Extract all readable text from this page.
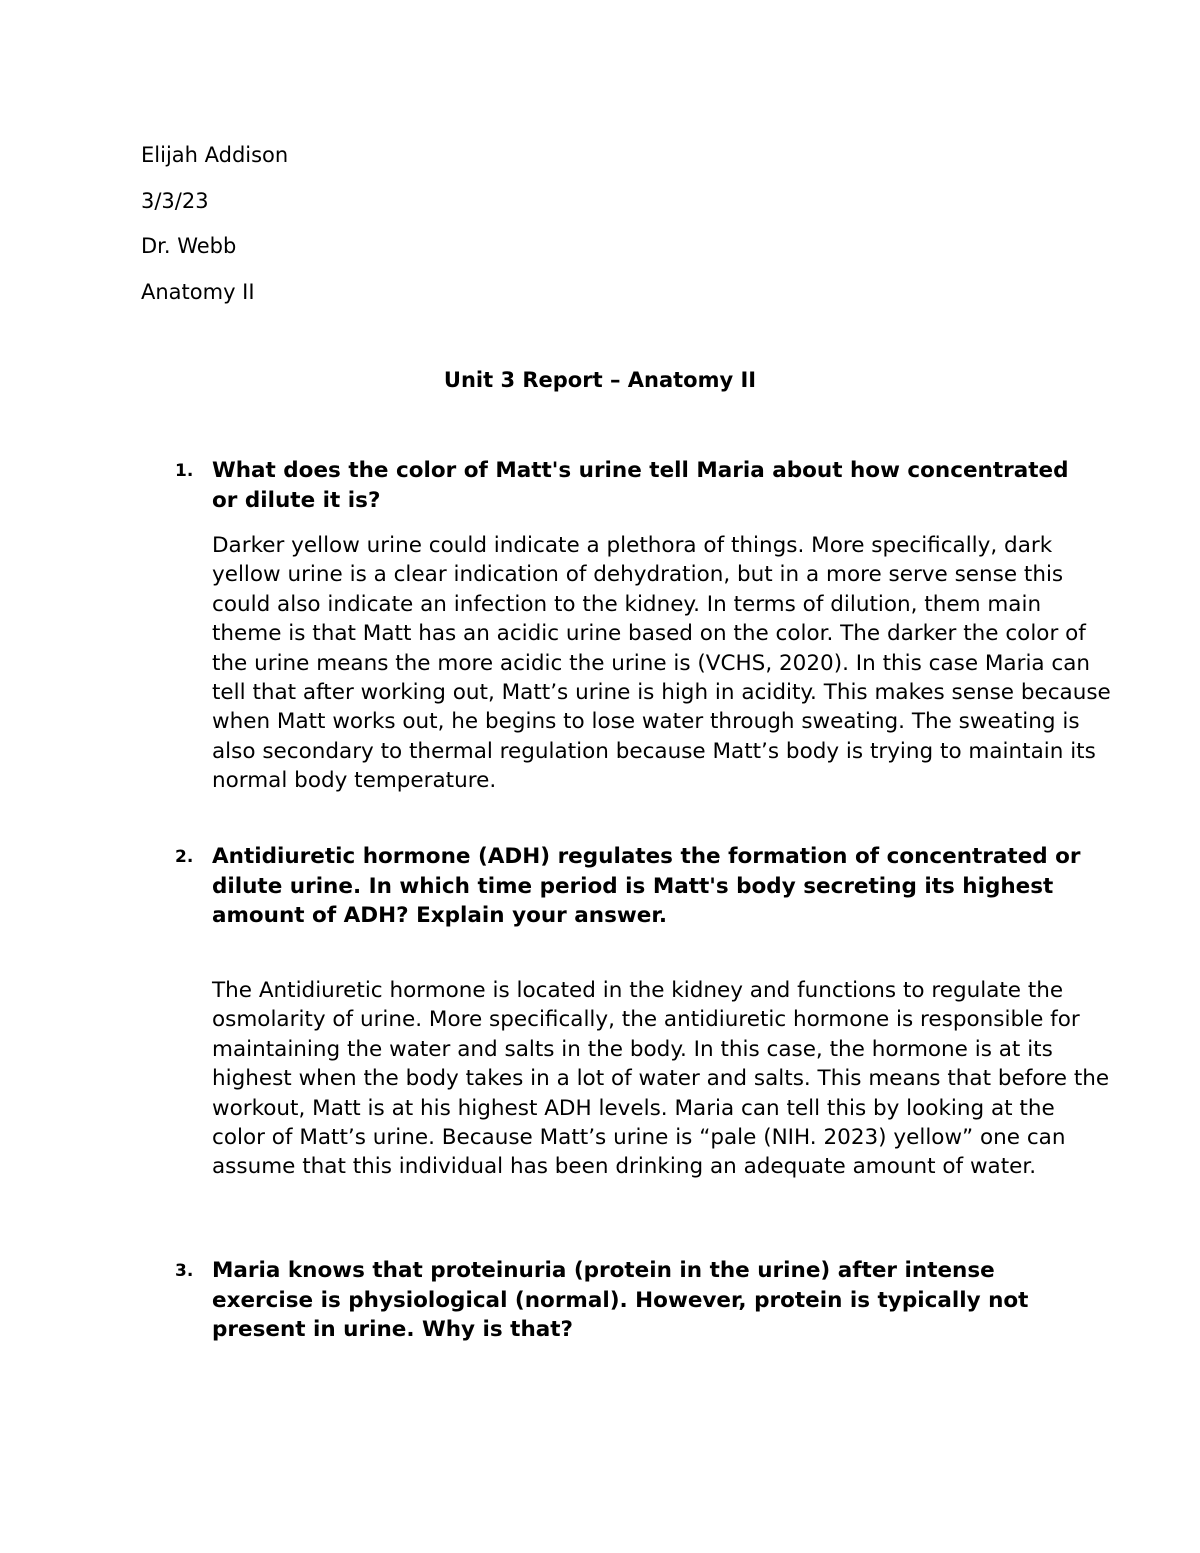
Elijah Addison
3/3/23
Dr. Webb
Anatomy II
Unit 3 Report – Anatomy II
1. What does the color of Matt's urine tell Maria about how concentrated or dilute it is?
Darker yellow urine could indicate a plethora of things. More specifically, dark yellow urine is a clear indication of dehydration, but in a more serve sense this could also indicate an infection to the kidney. In terms of dilution, them main theme is that Matt has an acidic urine based on the color. The darker the color of the urine means the more acidic the urine is (VCHS, 2020). In this case Maria can tell that after working out, Matt’s urine is high in acidity. This makes sense because when Matt works out, he begins to lose water through sweating. The sweating is also secondary to thermal regulation because Matt’s body is trying to maintain its normal body temperature.
2. Antidiuretic hormone (ADH) regulates the formation of concentrated or dilute urine. In which time period is Matt's body secreting its highest amount of ADH? Explain your answer.
The Antidiuretic hormone is located in the kidney and functions to regulate the osmolarity of urine. More specifically, the antidiuretic hormone is responsible for maintaining the water and salts in the body. In this case, the hormone is at its highest when the body takes in a lot of water and salts. This means that before the workout, Matt is at his highest ADH levels. Maria can tell this by looking at the color of Matt’s urine. Because Matt’s urine is “pale (NIH. 2023) yellow” one can assume that this individual has been drinking an adequate amount of water.
3. Maria knows that proteinuria (protein in the urine) after intense exercise is physiological (normal). However, protein is typically not present in urine. Why is that?
